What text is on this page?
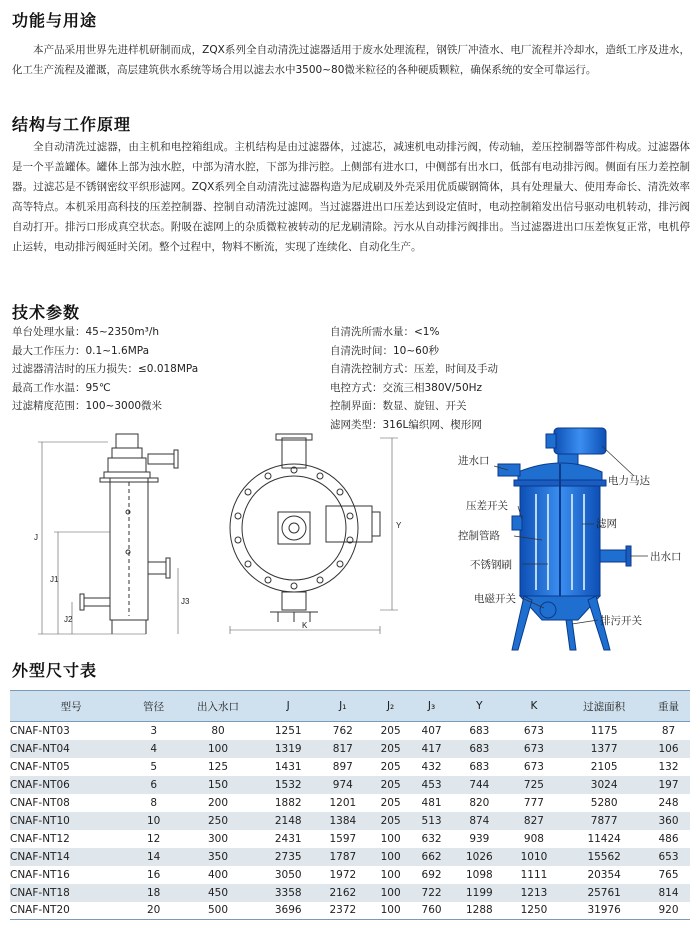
功能与用途
本产品采用世界先进样机研制而成，ZQX系列全自动清洗过滤器适用于废水处理流程，钢铁厂冲渣水、电厂流程并冷却水，造纸工序及进水，化工生产流程及灌溉，高层建筑供水系统等场合用以滤去水中3500~80微米粒径的各种硬质颗粒，确保系统的安全可靠运行。
结构与工作原理
全自动清洗过滤器，由主机和电控箱组成。主机结构是由过滤器体，过滤芯，减速机电动排污阀，传动轴，差压控制器等部件构成。过滤器体是一个平盖罐体。罐体上部为浊水腔，中部为清水腔，下部为排污腔。上侧部有进水口，中侧部有出水口，低部有电动排污阀。侧面有压力差控制器。过滤芯是不锈钢密纹平织形滤网。ZQX系列全自动清洗过滤器构造为尼成刷及外壳采用优质碳钢简体，具有处理量大、使用寿命长、清洗效率高等特点。本机采用高科技的压差控制器、控制自动清洗过滤网。当过滤器进出口压差达到设定值时，电动控制箱发出信号驱动电机转动，排污阀自动打开。排污口形成真空状态。附吸在滤网上的杂质微粒被转动的尼龙刷清除。污水从自动排污阀排出。当过滤器进出口压差恢复正常，电机停止运转，电动排污阀延时关闭。整个过程中，物料不断流，实现了连续化、自动化生产。
技术参数
单台处理水量：45~2350m³/h
最大工作压力：0.1~1.6MPa
过滤器清洁时的压力损失：≤0.018MPa
最高工作水温：95℃
过滤精度范围：100~3000微米
自清洗所需水量：<1%
自清洗时间：10~60秒
自清洗控制方式：压差，时间及手动
电控方式：交流三相380V/50Hz
控制界面：数显、旋钮、开关
滤网类型：316L编织网、楔形网
J
J1
J2
J3
Y
K
进水口
电力马达
压差开关
滤网
控制管路
出水口
不锈钢刷
电磁开关
排污开关
外型尺寸表
型号	管径	出入水口	J	J₁	J₂	J₃	Y	K	过滤面积	重量
CNAF-NT03	3	80	1251	762	205	407	683	673	1175	87
CNAF-NT04	4	100	1319	817	205	417	683	673	1377	106
CNAF-NT05	5	125	1431	897	205	432	683	673	2105	132
CNAF-NT06	6	150	1532	974	205	453	744	725	3024	197
CNAF-NT08	8	200	1882	1201	205	481	820	777	5280	248
CNAF-NT10	10	250	2148	1384	205	513	874	827	7877	360
CNAF-NT12	12	300	2431	1597	100	632	939	908	11424	486
CNAF-NT14	14	350	2735	1787	100	662	1026	1010	15562	653
CNAF-NT16	16	400	3050	1972	100	692	1098	1111	20354	765
CNAF-NT18	18	450	3358	2162	100	722	1199	1213	25761	814
CNAF-NT20	20	500	3696	2372	100	760	1288	1250	31976	920
